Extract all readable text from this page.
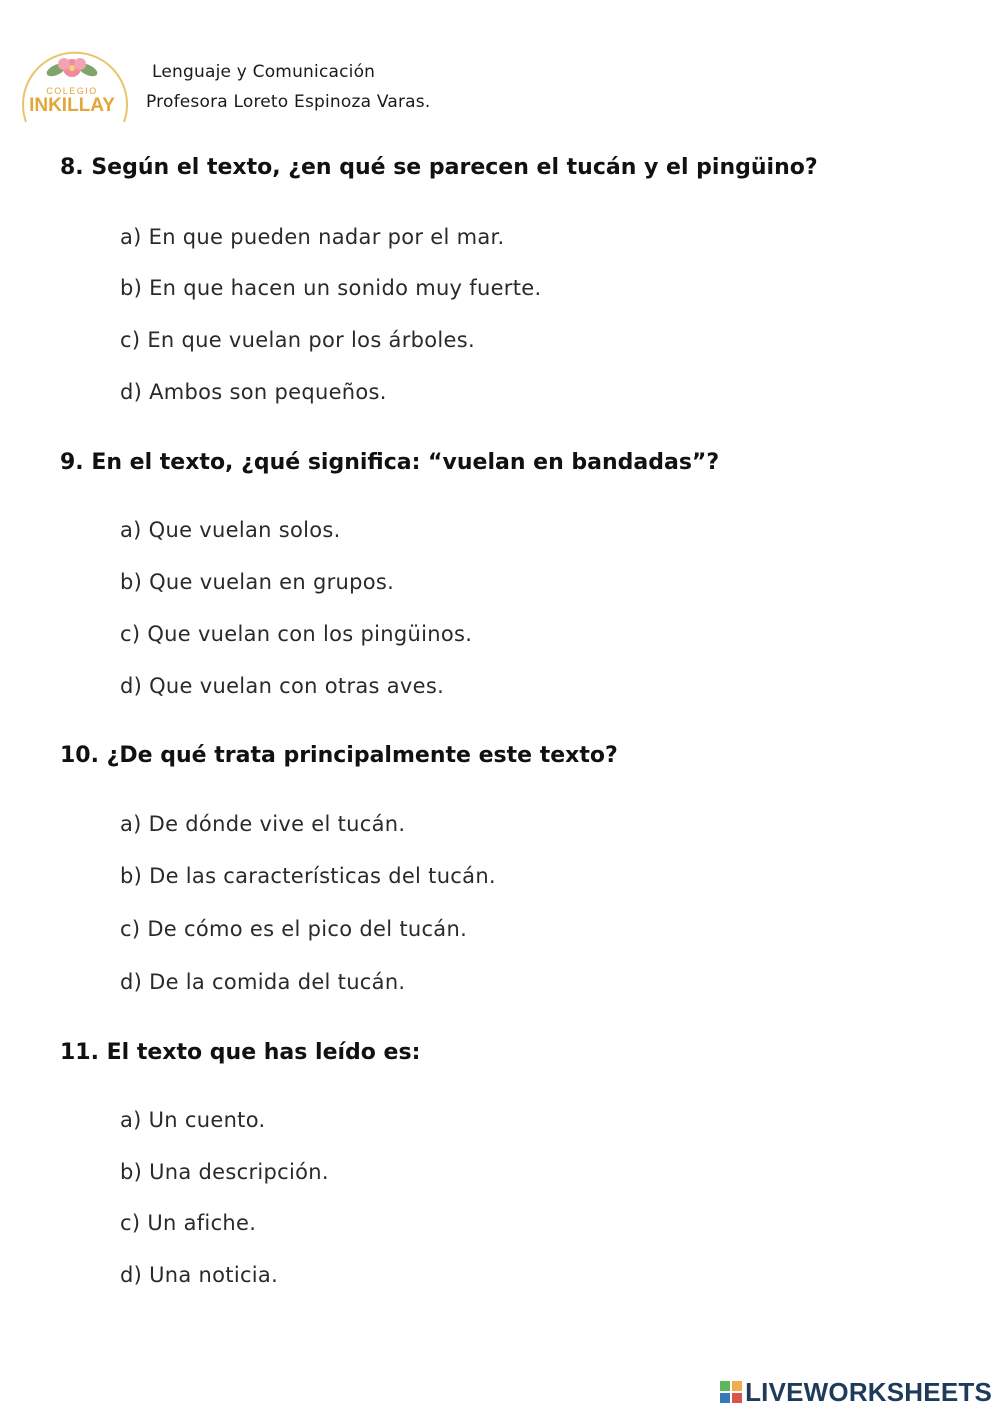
COLEGIO
INKILLAY
Lenguaje y Comunicación
Profesora Loreto Espinoza Varas.
8. Según el texto, ¿en qué se parecen el tucán y el pingüino?
a) En que pueden nadar por el mar.
b) En que hacen un sonido muy fuerte.
c) En que vuelan por los árboles.
d) Ambos son pequeños.
9. En el texto, ¿qué significa: “vuelan en bandadas”?
a) Que vuelan solos.
b) Que vuelan en grupos.
c) Que vuelan con los pingüinos.
d) Que vuelan con otras aves.
10. ¿De qué trata principalmente este texto?
a) De dónde vive el tucán.
b) De las características del tucán.
c) De cómo es el pico del tucán.
d) De la comida del tucán.
11. El texto que has leído es:
a) Un cuento.
b) Una descripción.
c) Un afiche.
d) Una noticia.
LIVEWORKSHEETS
